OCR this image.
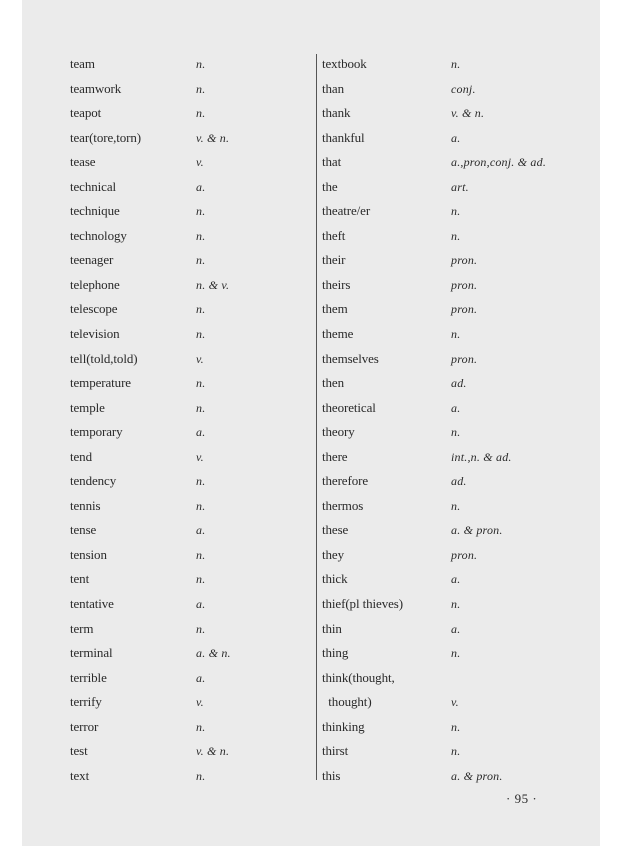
team	n.
teamwork	n.
teapot	n.
tear(tore,torn)	v. & n.
tease	v.
technical	a.
technique	n.
technology	n.
teenager	n.
telephone	n. & v.
telescope	n.
television	n.
tell(told,told)	v.
temperature	n.
temple	n.
temporary	a.
tend	v.
tendency	n.
tennis	n.
tense	a.
tension	n.
tent	n.
tentative	a.
term	n.
terminal	a. & n.
terrible	a.
terrify	v.
terror	n.
test	v. & n.
text	n.
textbook	n.
than	conj.
thank	v. & n.
thankful	a.
that	a.,pron,conj. & ad.
the	art.
theatre/er	n.
theft	n.
their	pron.
theirs	pron.
them	pron.
theme	n.
themselves	pron.
then	ad.
theoretical	a.
theory	n.
there	int.,n. & ad.
therefore	ad.
thermos	n.
these	a. & pron.
they	pron.
thick	a.
thief(pl thieves)	n.
thin	a.
thing	n.
think(thought,
thought)	v.
thinking	n.
thirst	n.
this	a. & pron.
· 95 ·
